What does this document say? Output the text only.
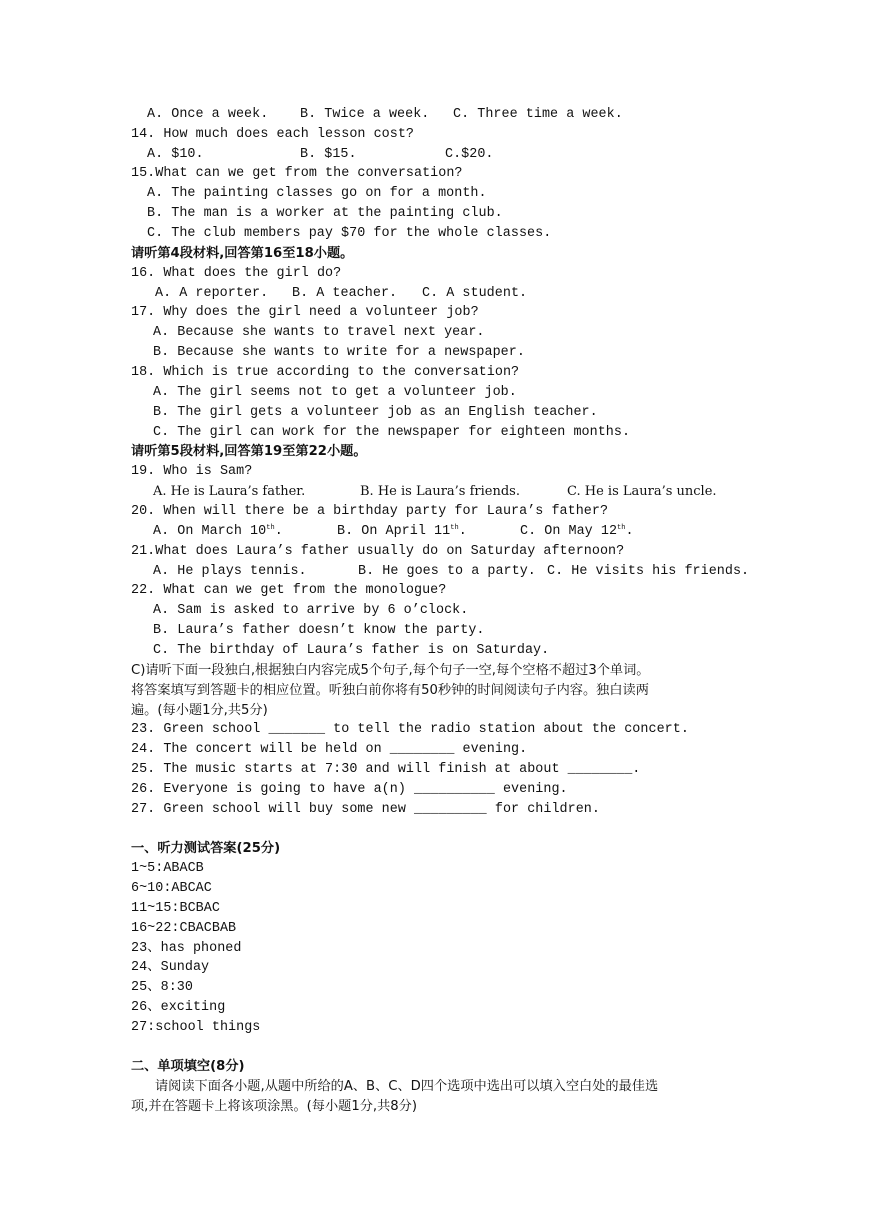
A. Once a week. B. Twice a week. C. Three time a week.
14. How much does each lesson cost?
A. $10.	B. $15.	C.$20.
15.What can we get from the conversation?
A. The painting classes go on for a month.
B. The man is a worker at the painting club.
C. The club members pay $70 for the whole classes.
请听第4段材料,回答第16至18小题。
16. What does the girl do?
A. A reporter. B. A teacher. C. A student.
17. Why does the girl need a volunteer job?
A. Because she wants to travel next year.
B. Because she wants to write for a newspaper.
18. Which is true according to the conversation?
A. The girl seems not to get a volunteer job.
B. The girl gets a volunteer job as an English teacher.
C. The girl can work for the newspaper for eighteen months.
请听第5段材料,回答第19至第22小题。
19. Who is Sam?
A. He is Laura’s father.	B. He is Laura’s friends.	C. He is Laura’s uncle.
20. When will there be a birthday party for Laura’s father?
A. On March 10th.	B. On April 11th.	C. On May 12th.
21.What does Laura’s father usually do on Saturday afternoon?
A. He plays tennis.	B. He goes to a party. C. He visits his friends.
22. What can we get from the monologue?
A. Sam is asked to arrive by 6 o’clock.
B. Laura’s father doesn’t know the party.
C. The birthday of Laura’s father is on Saturday.
C)请听下面一段独白,根据独白内容完成5个句子,每个句子一空,每个空格不超过3个单词。
将答案填写到答题卡的相应位置。听独白前你将有50秒钟的时间阅读句子内容。独白读两
遍。(每小题1分,共5分)
23. Green school _______ to tell the radio station about the concert.
24. The concert will be held on ________ evening.
25. The music starts at 7:30 and will finish at about ________.
26. Everyone is going to have a(n) __________ evening.
27. Green school will buy some new _________ for children.
一、听力测试答案(25分)
1~5:ABACB
6~10:ABCAC
11~15:BCBAC
16~22:CBACBAB
23、has phoned
24、Sunday
25、8:30
26、exciting
27:school things
二、单项填空(8分)
请阅读下面各小题,从题中所给的A、B、C、D四个选项中选出可以填入空白处的最佳选
项,并在答题卡上将该项涂黑。(每小题1分,共8分)
